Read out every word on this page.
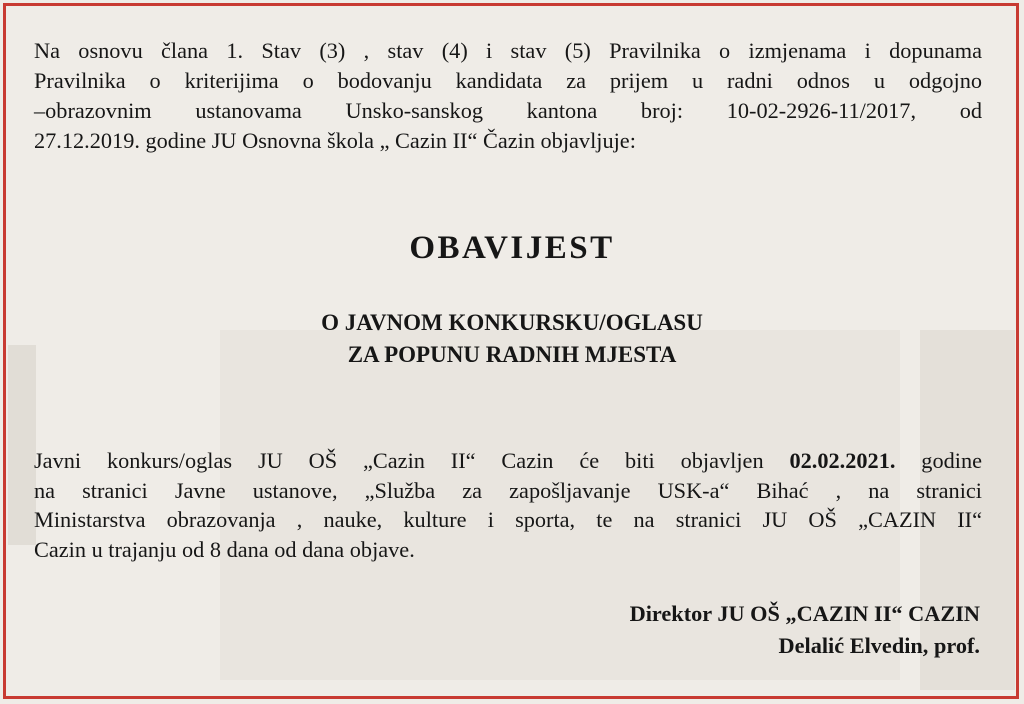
Na osnovu člana 1. Stav (3) , stav (4) i stav (5) Pravilnika o izmjenama i dopunama
Pravilnika o kriterijima o bodovanju kandidata za prijem u radni odnos u odgojno
–obrazovnim ustanovama Unsko-sanskog kantona broj: 10-02-2926-11/2017, od
27.12.2019. godine JU Osnovna škola „ Cazin II“ Čazin objavljuje:
OBAVIJEST
O JAVNOM KONKURSKU/OGLASU
ZA POPUNU RADNIH MJESTA
Javni konkurs/oglas JU OŠ „Cazin II“ Cazin će biti objavljen 02.02.2021. godine
na stranici Javne ustanove, „Služba za zapošljavanje USK-a“ Bihać , na stranici
Ministarstva obrazovanja , nauke, kulture i sporta, te na stranici JU OŠ „CAZIN II“
Cazin u trajanju od 8 dana od dana objave.
Direktor JU OŠ „CAZIN II“ CAZIN
Delalić Elvedin, prof.
